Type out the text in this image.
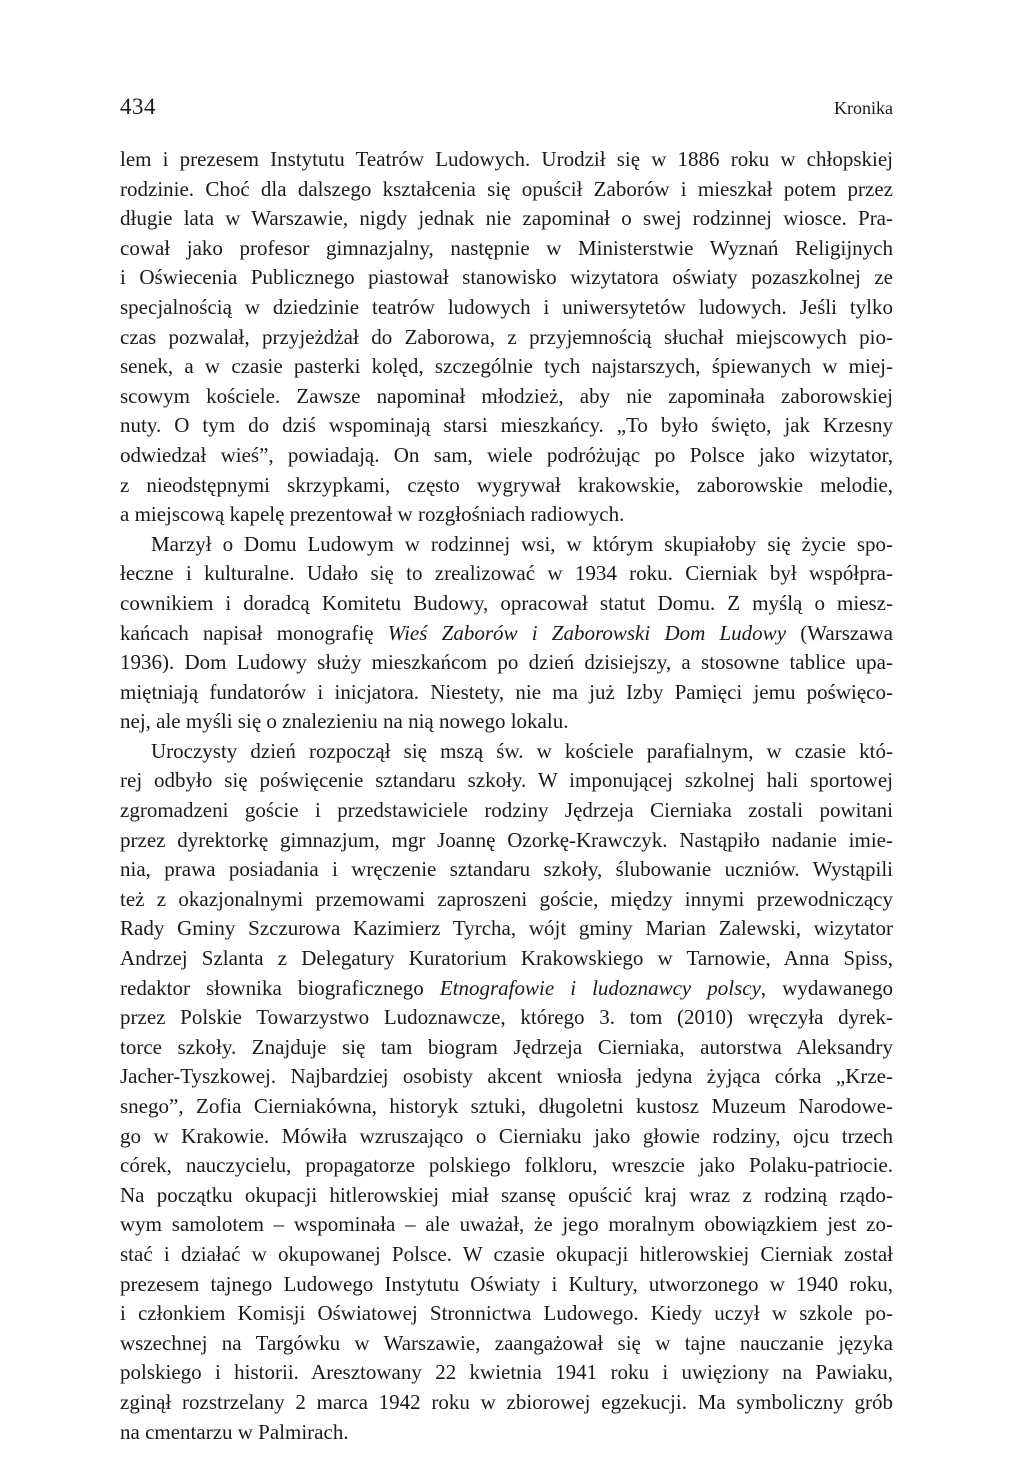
434	Kronika
lem i prezesem Instytutu Teatrów Ludowych. Urodził się w 1886 roku w chłopskiej
rodzinie. Choć dla dalszego kształcenia się opuścił Zaborów i mieszkał potem przez
długie lata w Warszawie, nigdy jednak nie zapominał o swej rodzinnej wiosce. Pra-
cował jako profesor gimnazjalny, następnie w Ministerstwie Wyznań Religijnych
i Oświecenia Publicznego piastował stanowisko wizytatora oświaty pozaszkolnej ze
specjalnością w dziedzinie teatrów ludowych i uniwersytetów ludowych. Jeśli tylko
czas pozwalał, przyjeżdżał do Zaborowa, z przyjemnością słuchał miejscowych pio-
senek, a w czasie pasterki kolęd, szczególnie tych najstarszych, śpiewanych w miej-
scowym kościele. Zawsze napominał młodzież, aby nie zapominała zaborowskiej
nuty. O tym do dziś wspominają starsi mieszkańcy. „To było święto, jak Krzesny
odwiedzał wieś”, powiadają. On sam, wiele podróżując po Polsce jako wizytator,
z nieodstępnymi skrzypkami, często wygrywał krakowskie, zaborowskie melodie,
a miejscową kapelę prezentował w rozgłośniach radiowych.
Marzył o Domu Ludowym w rodzinnej wsi, w którym skupiałoby się życie spo-
łeczne i kulturalne. Udało się to zrealizować w 1934 roku. Cierniak był współpra-
cownikiem i doradcą Komitetu Budowy, opracował statut Domu. Z myślą o miesz-
kańcach napisał monografię Wieś Zaborów i Zaborowski Dom Ludowy (Warszawa
1936). Dom Ludowy służy mieszkańcom po dzień dzisiejszy, a stosowne tablice upa-
miętniają fundatorów i inicjatora. Niestety, nie ma już Izby Pamięci jemu poświęco-
nej, ale myśli się o znalezieniu na nią nowego lokalu.
Uroczysty dzień rozpoczął się mszą św. w kościele parafialnym, w czasie któ-
rej odbyło się poświęcenie sztandaru szkoły. W imponującej szkolnej hali sportowej
zgromadzeni goście i przedstawiciele rodziny Jędrzeja Cierniaka zostali powitani
przez dyrektorkę gimnazjum, mgr Joannę Ozorkę-Krawczyk. Nastąpiło nadanie imie-
nia, prawa posiadania i wręczenie sztandaru szkoły, ślubowanie uczniów. Wystąpili
też z okazjonalnymi przemowami zaproszeni goście, między innymi przewodniczący
Rady Gminy Szczurowa Kazimierz Tyrcha, wójt gminy Marian Zalewski, wizytator
Andrzej Szlanta z Delegatury Kuratorium Krakowskiego w Tarnowie, Anna Spiss,
redaktor słownika biograficznego Etnografowie i ludoznawcy polscy, wydawanego
przez Polskie Towarzystwo Ludoznawcze, którego 3. tom (2010) wręczyła dyrek-
torce szkoły. Znajduje się tam biogram Jędrzeja Cierniaka, autorstwa Aleksandry
Jacher-Tyszkowej. Najbardziej osobisty akcent wniosła jedyna żyjąca córka „Krze-
snego”, Zofia Cierniakówna, historyk sztuki, długoletni kustosz Muzeum Narodowe-
go w Krakowie. Mówiła wzruszająco o Cierniaku jako głowie rodziny, ojcu trzech
córek, nauczycielu, propagatorze polskiego folkloru, wreszcie jako Polaku-patriocie.
Na początku okupacji hitlerowskiej miał szansę opuścić kraj wraz z rodziną rządo-
wym samolotem – wspominała – ale uważał, że jego moralnym obowiązkiem jest zo-
stać i działać w okupowanej Polsce. W czasie okupacji hitlerowskiej Cierniak został
prezesem tajnego Ludowego Instytutu Oświaty i Kultury, utworzonego w 1940 roku,
i członkiem Komisji Oświatowej Stronnictwa Ludowego. Kiedy uczył w szkole po-
wszechnej na Targówku w Warszawie, zaangażował się w tajne nauczanie języka
polskiego i historii. Aresztowany 22 kwietnia 1941 roku i uwięziony na Pawiaku,
zginął rozstrzelany 2 marca 1942 roku w zbiorowej egzekucji. Ma symboliczny grób
na cmentarzu w Palmirach.
